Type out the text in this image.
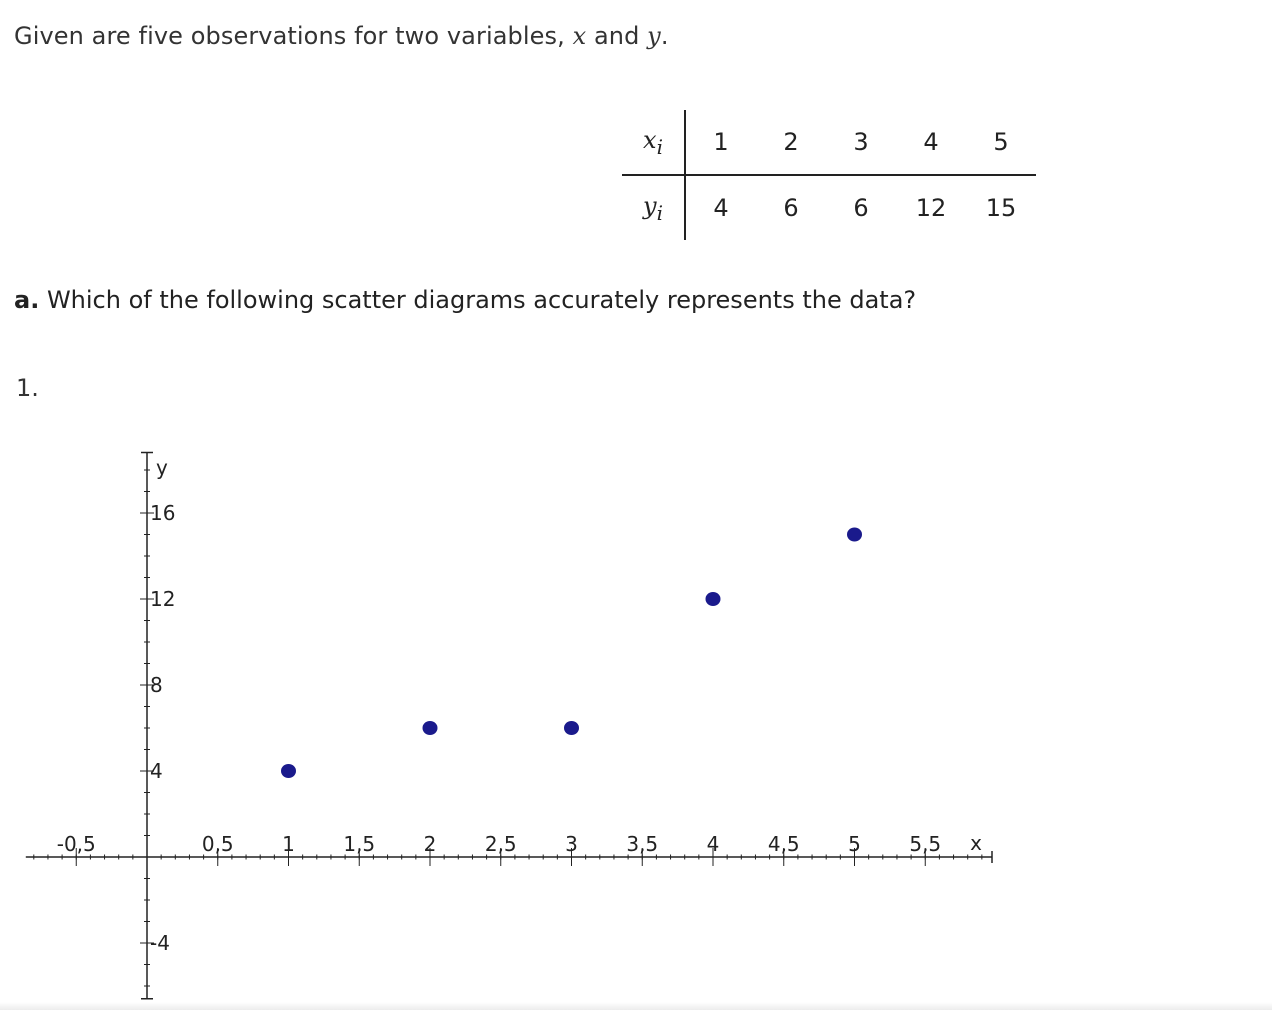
Given are five observations for two variables, x and y.
$x_i$	1	2	3	4	5
$y_i$	4	6	6	12	15
a. Which of the following scatter diagrams accurately represents the data?
1.
-0,5	0,5 1 1,5 2 2,5 3 3,5 4 4,5 5 5,5
16
12
8
4
-4
x
y
